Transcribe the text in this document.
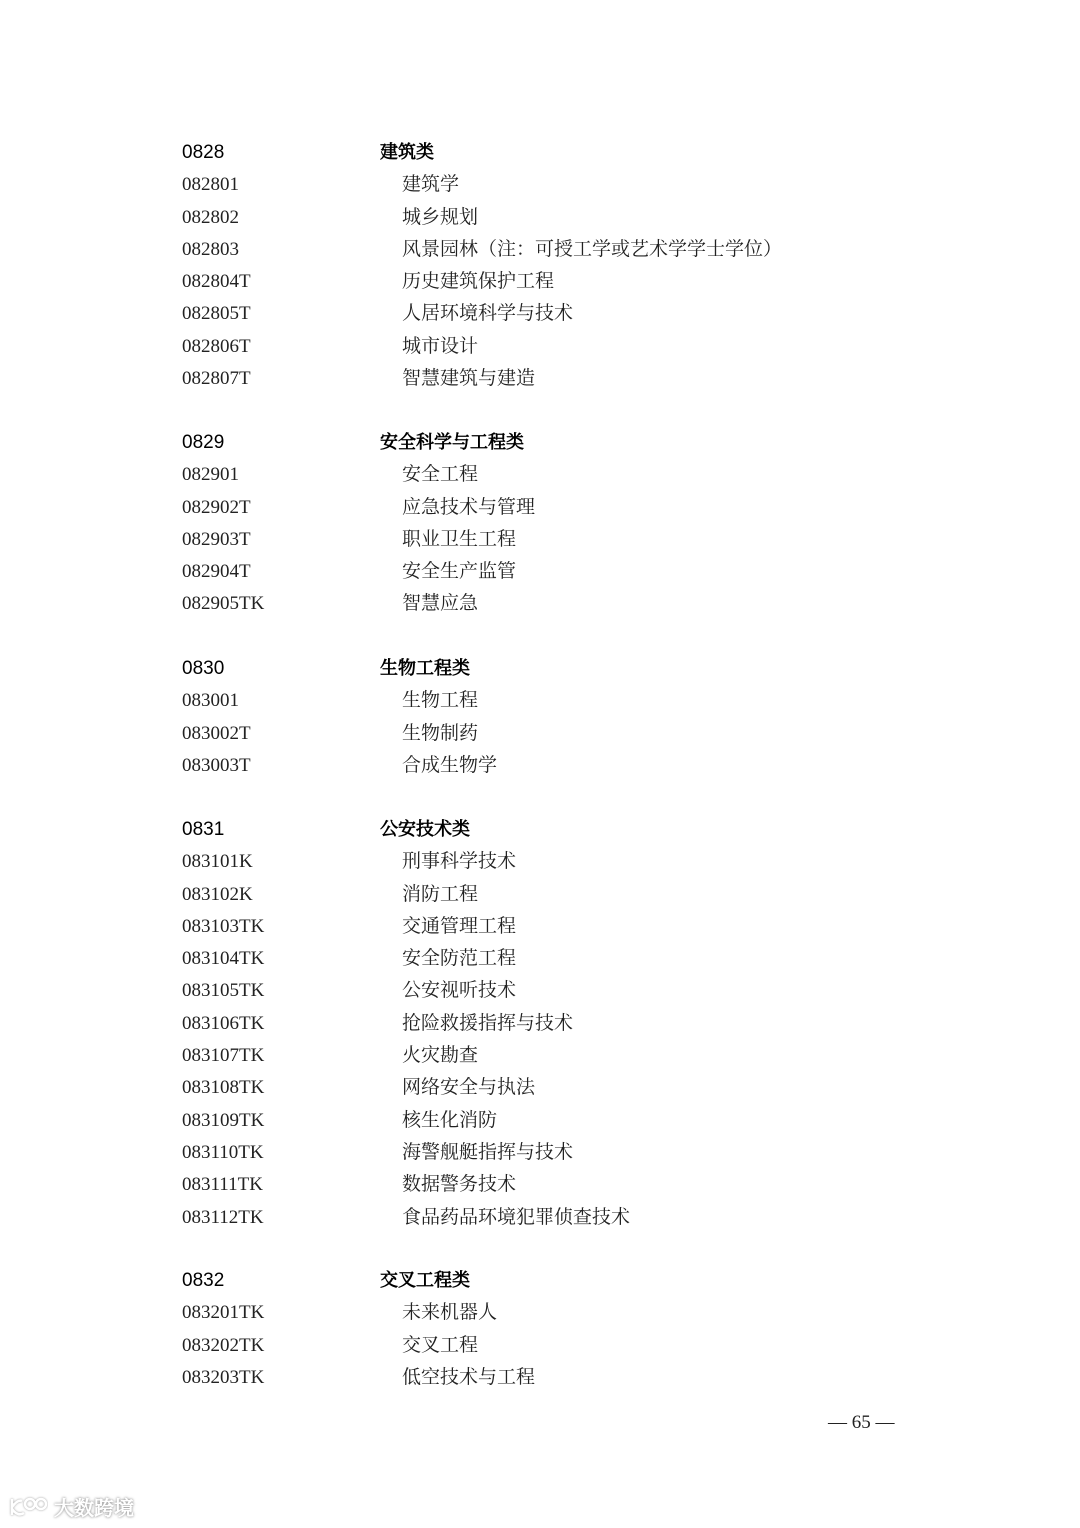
0828	建筑类
082801	建筑学
082802	城乡规划
082803	风景园林（注：可授工学或艺术学学士学位）
082804T	历史建筑保护工程
082805T	人居环境科学与技术
082806T	城市设计
082807T	智慧建筑与建造
0829	安全科学与工程类
082901	安全工程
082902T	应急技术与管理
082903T	职业卫生工程
082904T	安全生产监管
082905TK	智慧应急
0830	生物工程类
083001	生物工程
083002T	生物制药
083003T	合成生物学
0831	公安技术类
083101K	刑事科学技术
083102K	消防工程
083103TK	交通管理工程
083104TK	安全防范工程
083105TK	公安视听技术
083106TK	抢险救援指挥与技术
083107TK	火灾勘查
083108TK	网络安全与执法
083109TK	核生化消防
083110TK	海警舰艇指挥与技术
083111TK	数据警务技术
083112TK	食品药品环境犯罪侦查技术
0832	交叉工程类
083201TK	未来机器人
083202TK	交叉工程
083203TK	低空技术与工程
— 65 —
大数跨境
